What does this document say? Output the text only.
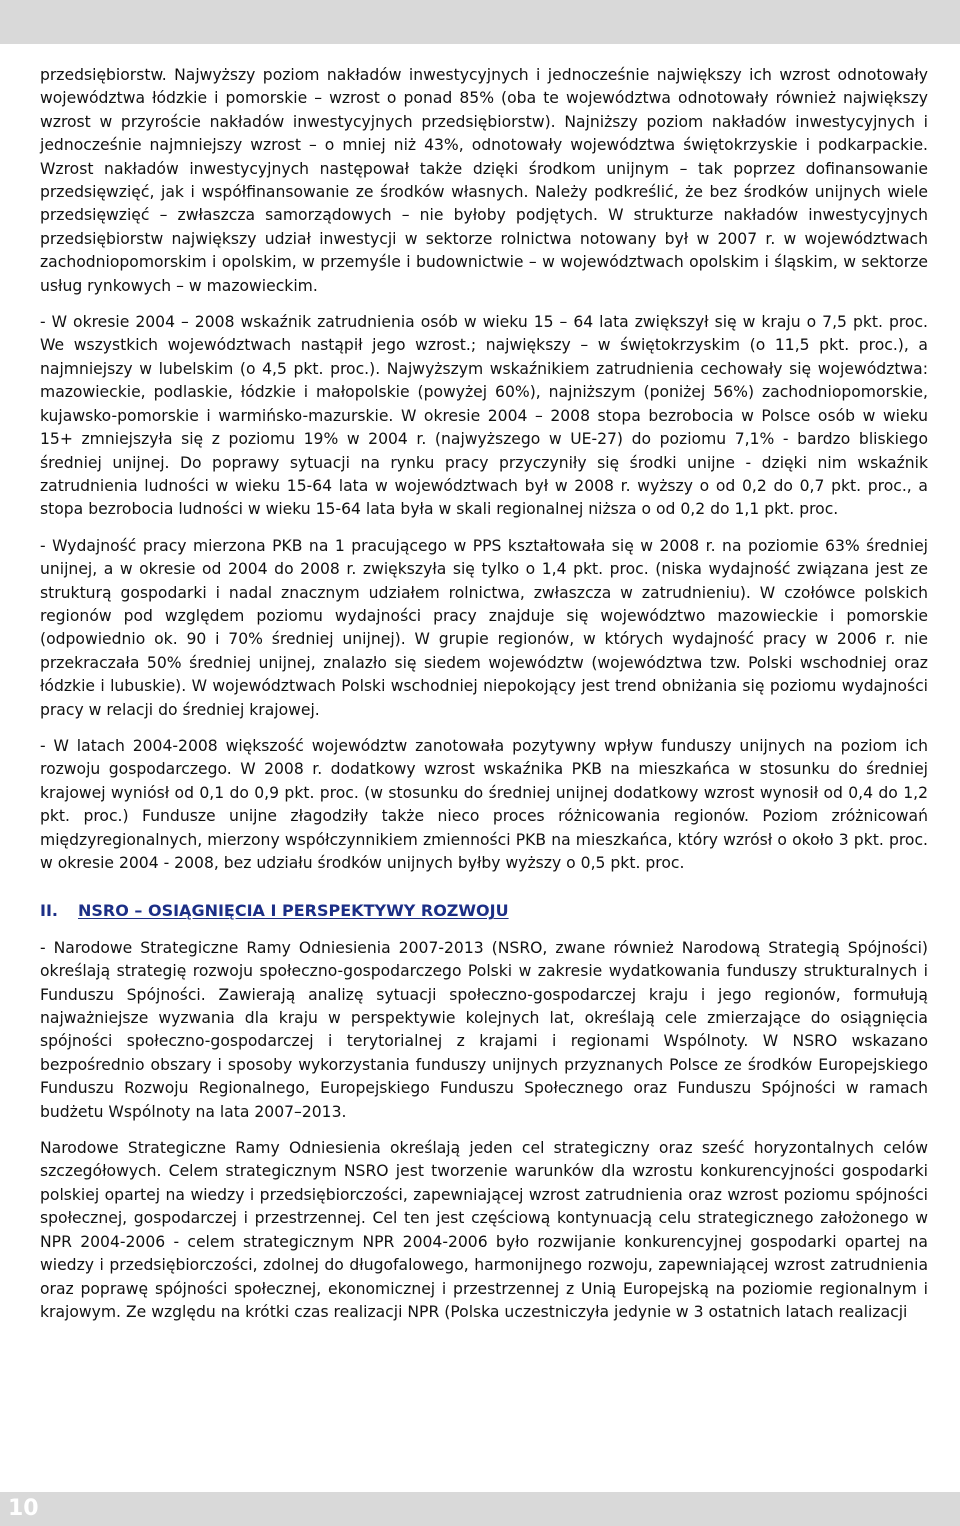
przedsiębiorstw. Najwyższy poziom nakładów inwestycyjnych i jednocześnie największy ich wzrost odnotowały województwa łódzkie i pomorskie – wzrost o ponad 85% (oba te województwa odnotowały również największy wzrost w przyroście nakładów inwestycyjnych przedsiębiorstw). Najniższy poziom nakładów inwestycyjnych i jednocześnie najmniejszy wzrost – o mniej niż 43%, odnotowały województwa świętokrzyskie i podkarpackie. Wzrost nakładów inwestycyjnych następował także dzięki środkom unijnym – tak poprzez dofinansowanie przedsięwzięć, jak i współfinansowanie ze środków własnych. Należy podkreślić, że bez środków unijnych wiele przedsięwzięć – zwłaszcza samorządowych – nie byłoby podjętych. W strukturze nakładów inwestycyjnych przedsiębiorstw największy udział inwestycji w sektorze rolnictwa notowany był w 2007 r. w województwach zachodniopomorskim i opolskim, w przemyśle i budownictwie – w województwach opolskim i śląskim, w sektorze usług rynkowych – w mazowieckim.

- W okresie 2004 – 2008 wskaźnik zatrudnienia osób w wieku 15 – 64 lata zwiększył się w kraju o 7,5 pkt. proc. We wszystkich województwach nastąpił jego wzrost.; największy – w świętokrzyskim (o 11,5 pkt. proc.), a najmniejszy w lubelskim (o 4,5 pkt. proc.). Najwyższym wskaźnikiem zatrudnienia cechowały się województwa: mazowieckie, podlaskie, łódzkie i małopolskie (powyżej 60%), najniższym (poniżej 56%) zachodniopomorskie, kujawsko-pomorskie i warmińsko-mazurskie. W okresie 2004 – 2008 stopa bezrobocia w Polsce osób w wieku 15+ zmniejszyła się z poziomu 19% w 2004 r. (najwyższego w UE-27) do poziomu 7,1% - bardzo bliskiego średniej unijnej. Do poprawy sytuacji na rynku pracy przyczyniły się środki unijne - dzięki nim wskaźnik zatrudnienia ludności w wieku 15-64 lata w województwach był w 2008 r. wyższy o od 0,2 do 0,7 pkt. proc., a stopa bezrobocia ludności w wieku 15-64 lata była w skali regionalnej niższa o od 0,2 do 1,1 pkt. proc.

- Wydajność pracy mierzona PKB na 1 pracującego w PPS kształtowała się w 2008 r. na poziomie 63% średniej unijnej, a w okresie od 2004 do 2008 r. zwiększyła się tylko o 1,4 pkt. proc. (niska wydajność związana jest ze strukturą gospodarki i nadal znacznym udziałem rolnictwa, zwłaszcza w zatrudnieniu). W czołówce polskich regionów pod względem poziomu wydajności pracy znajduje się województwo mazowieckie i pomorskie (odpowiednio ok. 90 i 70% średniej unijnej). W grupie regionów, w których wydajność pracy w 2006 r. nie przekraczała 50% średniej unijnej, znalazło się siedem województw (województwa tzw. Polski wschodniej oraz łódzkie i lubuskie). W województwach Polski wschodniej niepokojący jest trend obniżania się poziomu wydajności pracy w relacji do średniej krajowej.

- W latach 2004-2008 większość województw zanotowała pozytywny wpływ funduszy unijnych na poziom ich rozwoju gospodarczego. W 2008 r. dodatkowy wzrost wskaźnika PKB na mieszkańca w stosunku do średniej krajowej wyniósł od 0,1 do 0,9 pkt. proc. (w stosunku do średniej unijnej dodatkowy wzrost wynosił od 0,4 do 1,2 pkt. proc.) Fundusze unijne złagodziły także nieco proces różnicowania regionów. Poziom zróżnicowań międzyregionalnych, mierzony współczynnikiem zmienności PKB na mieszkańca, który wzrósł o około 3 pkt. proc. w okresie 2004 - 2008, bez udziału środków unijnych byłby wyższy o 0,5 pkt. proc.

II. NSRO – OSIĄGNIĘCIA I PERSPEKTYWY ROZWOJU

- Narodowe Strategiczne Ramy Odniesienia 2007-2013 (NSRO, zwane również Narodową Strategią Spójności) określają strategię rozwoju społeczno-gospodarczego Polski w zakresie wydatkowania funduszy strukturalnych i Funduszu Spójności. Zawierają analizę sytuacji społeczno-gospodarczej kraju i jego regionów, formułują najważniejsze wyzwania dla kraju w perspektywie kolejnych lat, określają cele zmierzające do osiągnięcia spójności społeczno-gospodarczej i terytorialnej z krajami i regionami Wspólnoty. W NSRO wskazano bezpośrednio obszary i sposoby wykorzystania funduszy unijnych przyznanych Polsce ze środków Europejskiego Funduszu Rozwoju Regionalnego, Europejskiego Funduszu Społecznego oraz Funduszu Spójności w ramach budżetu Wspólnoty na lata 2007–2013.

Narodowe Strategiczne Ramy Odniesienia określają jeden cel strategiczny oraz sześć horyzontalnych celów szczegółowych. Celem strategicznym NSRO jest tworzenie warunków dla wzrostu konkurencyjności gospodarki polskiej opartej na wiedzy i przedsiębiorczości, zapewniającej wzrost zatrudnienia oraz wzrost poziomu spójności społecznej, gospodarczej i przestrzennej. Cel ten jest częściową kontynuacją celu strategicznego założonego w NPR 2004-2006 - celem strategicznym NPR 2004-2006 było rozwijanie konkurencyjnej gospodarki opartej na wiedzy i przedsiębiorczości, zdolnej do długofalowego, harmonijnego rozwoju, zapewniającej wzrost zatrudnienia oraz poprawę spójności społecznej, ekonomicznej i przestrzennej z Unią Europejską na poziomie regionalnym i krajowym. Ze względu na krótki czas realizacji NPR (Polska uczestniczyła jedynie w 3 ostatnich latach realizacji

10
